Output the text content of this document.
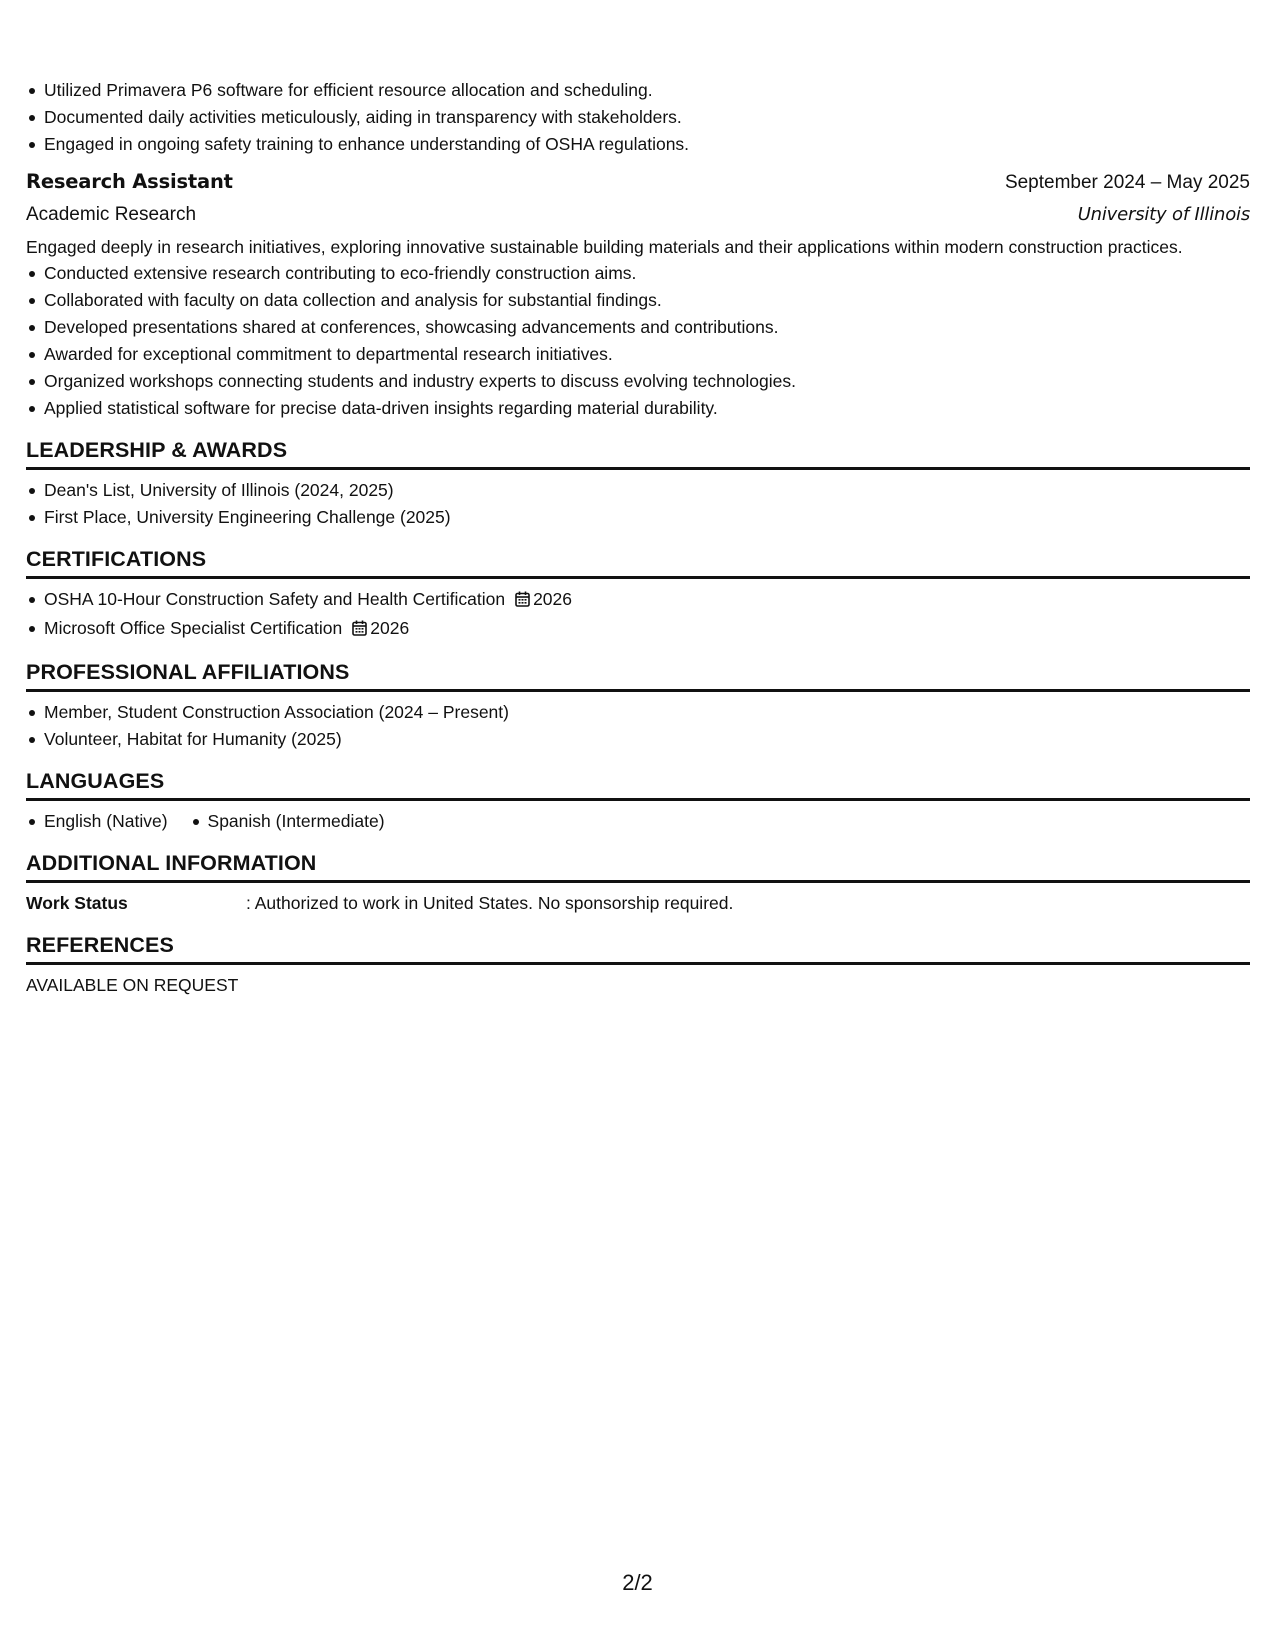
Utilized Primavera P6 software for efficient resource allocation and scheduling.
Documented daily activities meticulously, aiding in transparency with stakeholders.
Engaged in ongoing safety training to enhance understanding of OSHA regulations.
Research Assistant	September 2024 – May 2025
Academic Research	University of Illinois
Engaged deeply in research initiatives, exploring innovative sustainable building materials and their applications within modern construction practices.
Conducted extensive research contributing to eco-friendly construction aims.
Collaborated with faculty on data collection and analysis for substantial findings.
Developed presentations shared at conferences, showcasing advancements and contributions.
Awarded for exceptional commitment to departmental research initiatives.
Organized workshops connecting students and industry experts to discuss evolving technologies.
Applied statistical software for precise data-driven insights regarding material durability.
LEADERSHIP & AWARDS
Dean's List, University of Illinois (2024, 2025)
First Place, University Engineering Challenge (2025)
CERTIFICATIONS
OSHA 10-Hour Construction Safety and Health Certification 2026
Microsoft Office Specialist Certification 2026
PROFESSIONAL AFFILIATIONS
Member, Student Construction Association (2024 – Present)
Volunteer, Habitat for Humanity (2025)
LANGUAGES
English (Native)	Spanish (Intermediate)
ADDITIONAL INFORMATION
Work Status	: Authorized to work in United States. No sponsorship required.
REFERENCES
AVAILABLE ON REQUEST
2/2
